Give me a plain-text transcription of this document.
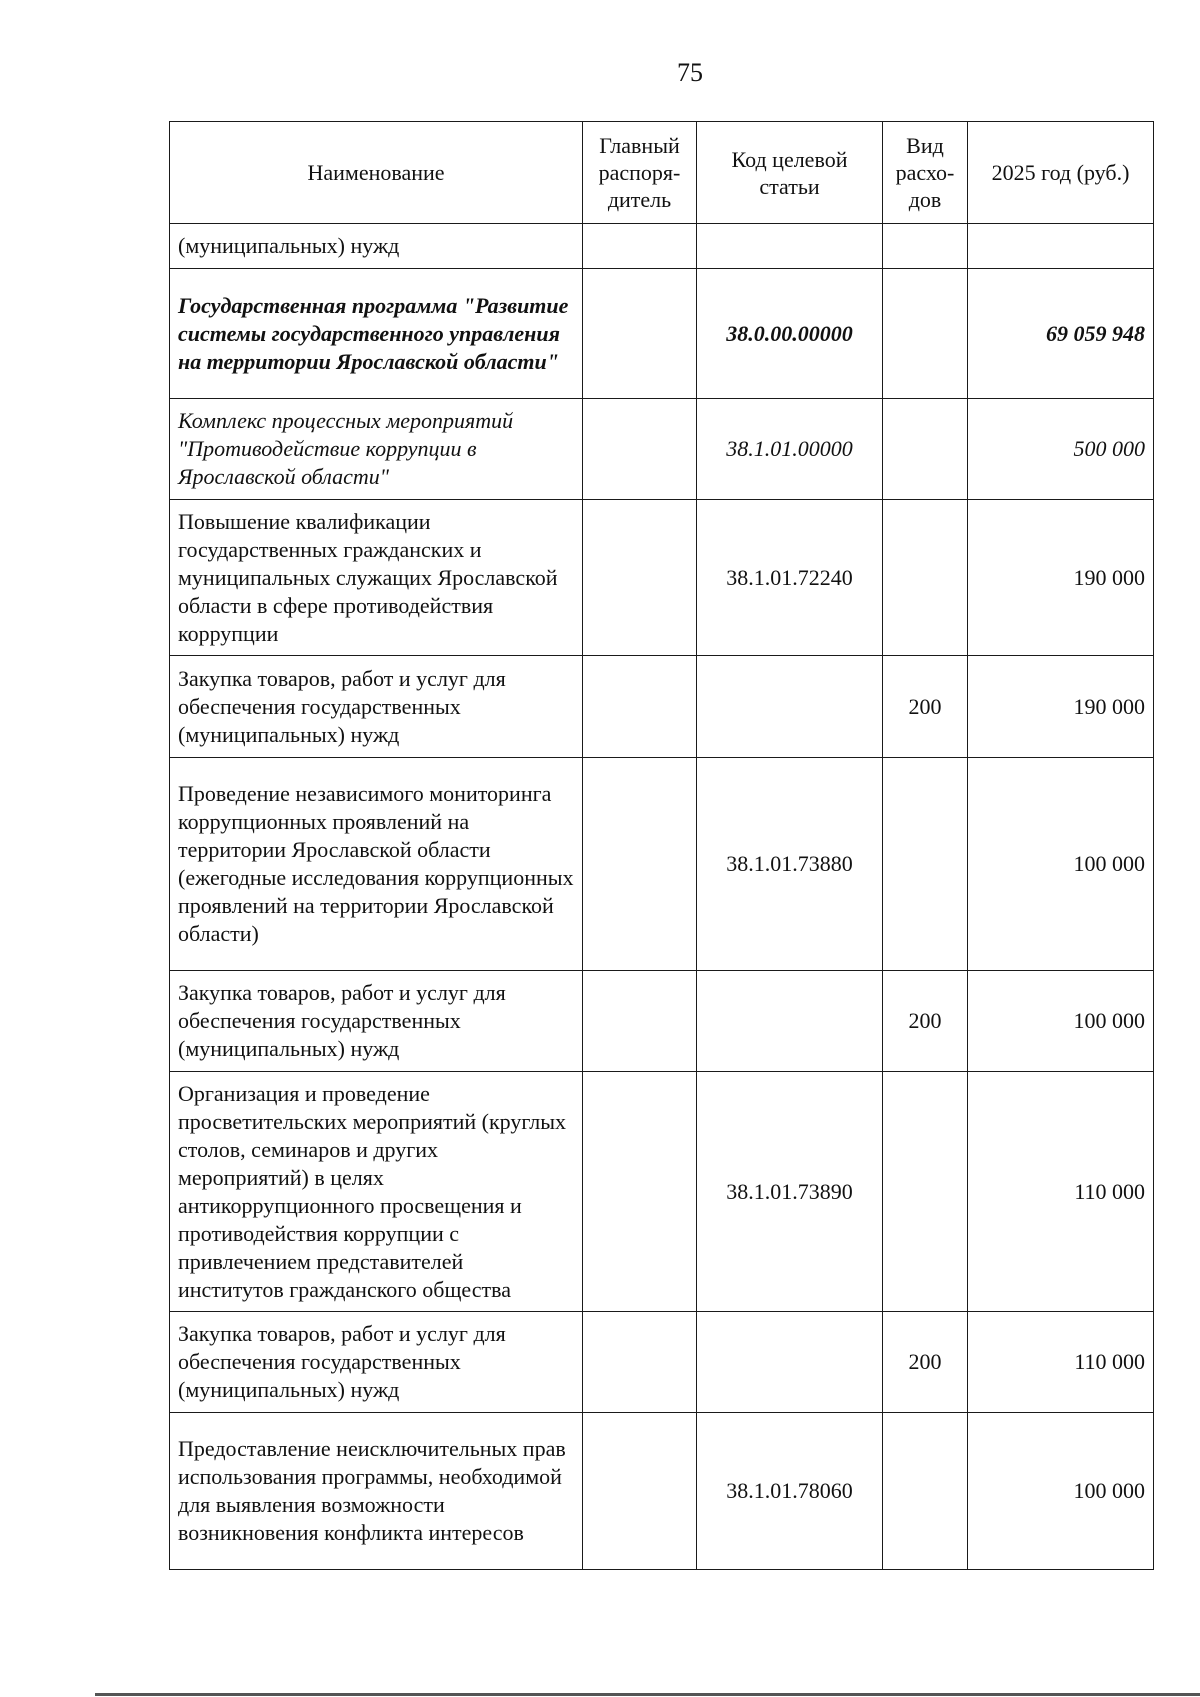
75
Наименование	Главный распоря-дитель	Код целевой статьи	Вид расхо-дов	2025 год (руб.)
(муниципальных) нужд				
Государственная программа "Развитие системы государственного управления на территории Ярославской области"		38.0.00.00000		69 059 948
Комплекс процессных мероприятий "Противодействие коррупции в Ярославской области"		38.1.01.00000		500 000
Повышение квалификации государственных гражданских и муниципальных служащих Ярославской области в сфере противодействия коррупции		38.1.01.72240		190 000
Закупка товаров, работ и услуг для обеспечения государственных (муниципальных) нужд			200	190 000
Проведение независимого мониторинга коррупционных проявлений на территории Ярославской области (ежегодные исследования коррупционных проявлений на территории Ярославской области)		38.1.01.73880		100 000
Закупка товаров, работ и услуг для обеспечения государственных (муниципальных) нужд			200	100 000
Организация и проведение просветительских мероприятий (круглых столов, семинаров и других мероприятий) в целях антикоррупционного просвещения и противодействия коррупции с привлечением представителей институтов гражданского общества		38.1.01.73890		110 000
Закупка товаров, работ и услуг для обеспечения государственных (муниципальных) нужд			200	110 000
Предоставление неисключительных прав использования программы, необходимой для выявления возможности возникновения конфликта интересов		38.1.01.78060		100 000
